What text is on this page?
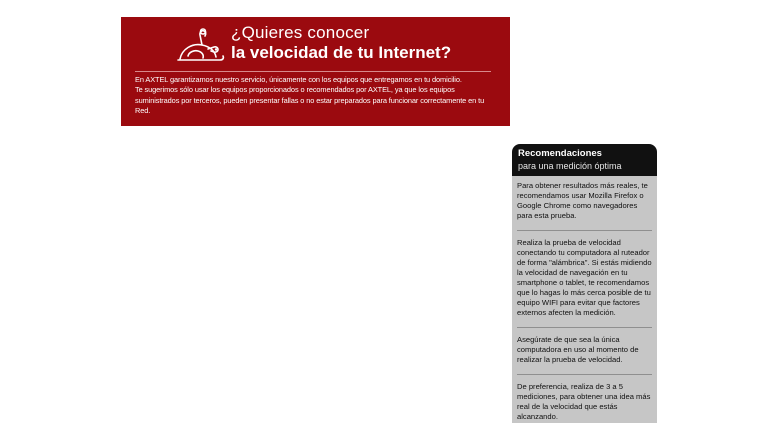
¿Quieres conocer
la velocidad de tu Internet?

En AXTEL garantizamos nuestro servicio, únicamente con los equipos que entregamos en tu domicilio.

Te sugerimos sólo usar los equipos proporcionados o recomendados por AXTEL, ya que los equipos suministrados por terceros, pueden presentar fallas o no estar preparados para funcionar correctamente en tu Red.

Recomendaciones
para una medición óptima
Para obtener resultados más reales, te recomendamos usar Mozilla Firefox o Google Chrome como navegadores para esta prueba.
Realiza la prueba de velocidad conectando tu computadora al ruteador de forma "alámbrica". Si estás midiendo la velocidad de navegación en tu smartphone o tablet, te recomendamos que lo hagas lo más cerca posible de tu equipo WIFI para evitar que factores externos afecten la medición.
Asegúrate de que sea la única computadora en uso al momento de realizar la prueba de velocidad.
De preferencia, realiza de 3 a 5 mediciones, para obtener una idea más real de la velocidad que estás alcanzando.
